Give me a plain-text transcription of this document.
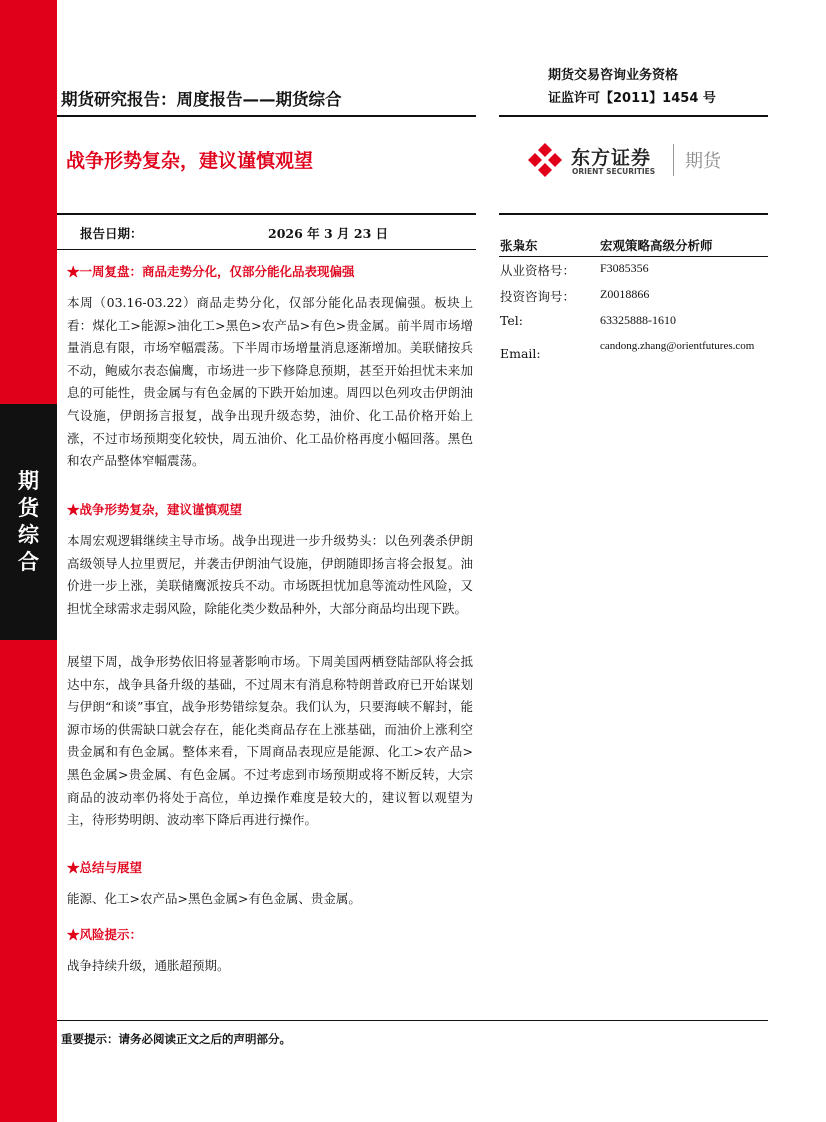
期货综合
期货交易咨询业务资格
证监许可【2011】1454 号
期货研究报告：周度报告——期货综合
战争形势复杂，建议谨慎观望	东方证券
ORIENT SECURITIES 期货
报告日期：	2026 年 3 月 23 日
张枭东	宏观策略高级分析师
从业资格号： F3085356
投资咨询号： Z0018866
Tel:	63325888-1610
Email:	candong.zhang@orientfutures.com
★一周复盘：商品走势分化，仅部分能化品表现偏强
本周（03.16-03.22）商品走势分化，仅部分能化品表现偏强。板块上看：煤化工>能源>油化工>黑色>农产品>有色>贵金属。前半周市场增量消息有限，市场窄幅震荡。下半周市场增量消息逐渐增加。美联储按兵不动，鲍威尔表态偏鹰，市场进一步下修降息预期，甚至开始担忧未来加息的可能性，贵金属与有色金属的下跌开始加速。周四以色列攻击伊朗油气设施，伊朗扬言报复，战争出现升级态势，油价、化工品价格开始上涨，不过市场预期变化较快，周五油价、化工品价格再度小幅回落。黑色和农产品整体窄幅震荡。
★战争形势复杂，建议谨慎观望
本周宏观逻辑继续主导市场。战争出现进一步升级势头：以色列袭杀伊朗高级领导人拉里贾尼，并袭击伊朗油气设施，伊朗随即扬言将会报复。油价进一步上涨，美联储鹰派按兵不动。市场既担忧加息等流动性风险，又担忧全球需求走弱风险，除能化类少数品种外，大部分商品均出现下跌。
展望下周，战争形势依旧将显著影响市场。下周美国两栖登陆部队将会抵达中东，战争具备升级的基础，不过周末有消息称特朗普政府已开始谋划与伊朗“和谈”事宜，战争形势错综复杂。我们认为，只要海峡不解封，能源市场的供需缺口就会存在，能化类商品存在上涨基础，而油价上涨利空贵金属和有色金属。整体来看，下周商品表现应是能源、化工>农产品>黑色金属>贵金属、有色金属。不过考虑到市场预期或将不断反转，大宗商品的波动率仍将处于高位，单边操作难度是较大的，建议暂以观望为主，待形势明朗、波动率下降后再进行操作。
★总结与展望
能源、化工>农产品>黑色金属>有色金属、贵金属。
★风险提示：
战争持续升级，通胀超预期。
重要提示：请务必阅读正文之后的声明部分。
